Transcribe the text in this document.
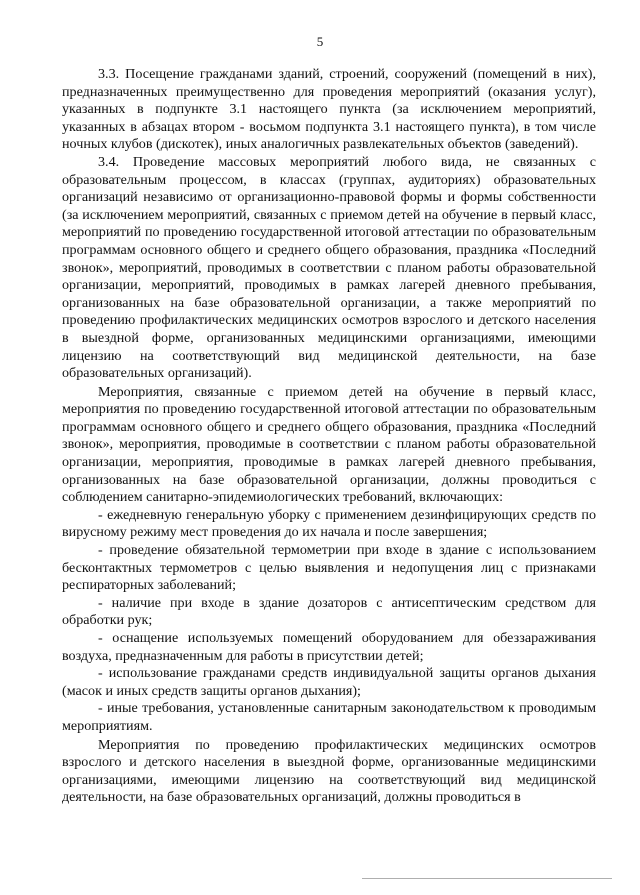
5

3.3. Посещение гражданами зданий, строений, сооружений (помещений в них), предназначенных преимущественно для проведения мероприятий (оказания услуг), указанных в подпункте 3.1 настоящего пункта (за исключением мероприятий, указанных в абзацах втором - восьмом подпункта 3.1 настоящего пункта), в том числе ночных клубов (дискотек), иных аналогичных развлекательных объектов (заведений).

3.4. Проведение массовых мероприятий любого вида, не связанных с образовательным процессом, в классах (группах, аудиториях) образовательных организаций независимо от организационно-правовой формы и формы собственности (за исключением мероприятий, связанных с приемом детей на обучение в первый класс, мероприятий по проведению государственной итоговой аттестации по образовательным программам основного общего и среднего общего образования, праздника «Последний звонок», мероприятий, проводимых в соответствии с планом работы образовательной организации, мероприятий, проводимых в рамках лагерей дневного пребывания, организованных на базе образовательной организации, а также мероприятий по проведению профилактических медицинских осмотров взрослого и детского населения в выездной форме, организованных медицинскими организациями, имеющими лицензию на соответствующий вид медицинской деятельности, на базе образовательных организаций).

Мероприятия, связанные с приемом детей на обучение в первый класс, мероприятия по проведению государственной итоговой аттестации по образовательным программам основного общего и среднего общего образования, праздника «Последний звонок», мероприятия, проводимые в соответствии с планом работы образовательной организации, мероприятия, проводимые в рамках лагерей дневного пребывания, организованных на базе образовательной организации, должны проводиться с соблюдением санитарно-эпидемиологических требований, включающих:

- ежедневную генеральную уборку с применением дезинфицирующих средств по вирусному режиму мест проведения до их начала и после завершения;

- проведение обязательной термометрии при входе в здание с использованием бесконтактных термометров с целью выявления и недопущения лиц с признаками респираторных заболеваний;

- наличие при входе в здание дозаторов с антисептическим средством для обработки рук;

- оснащение используемых помещений оборудованием для обеззараживания воздуха, предназначенным для работы в присутствии детей;

- использование гражданами средств индивидуальной защиты органов дыхания (масок и иных средств защиты органов дыхания);

- иные требования, установленные санитарным законодательством к проводимым мероприятиям.

Мероприятия по проведению профилактических медицинских осмотров взрослого и детского населения в выездной форме, организованные медицинскими организациями, имеющими лицензию на соответствующий вид медицинской деятельности, на базе образовательных организаций, должны проводиться в
